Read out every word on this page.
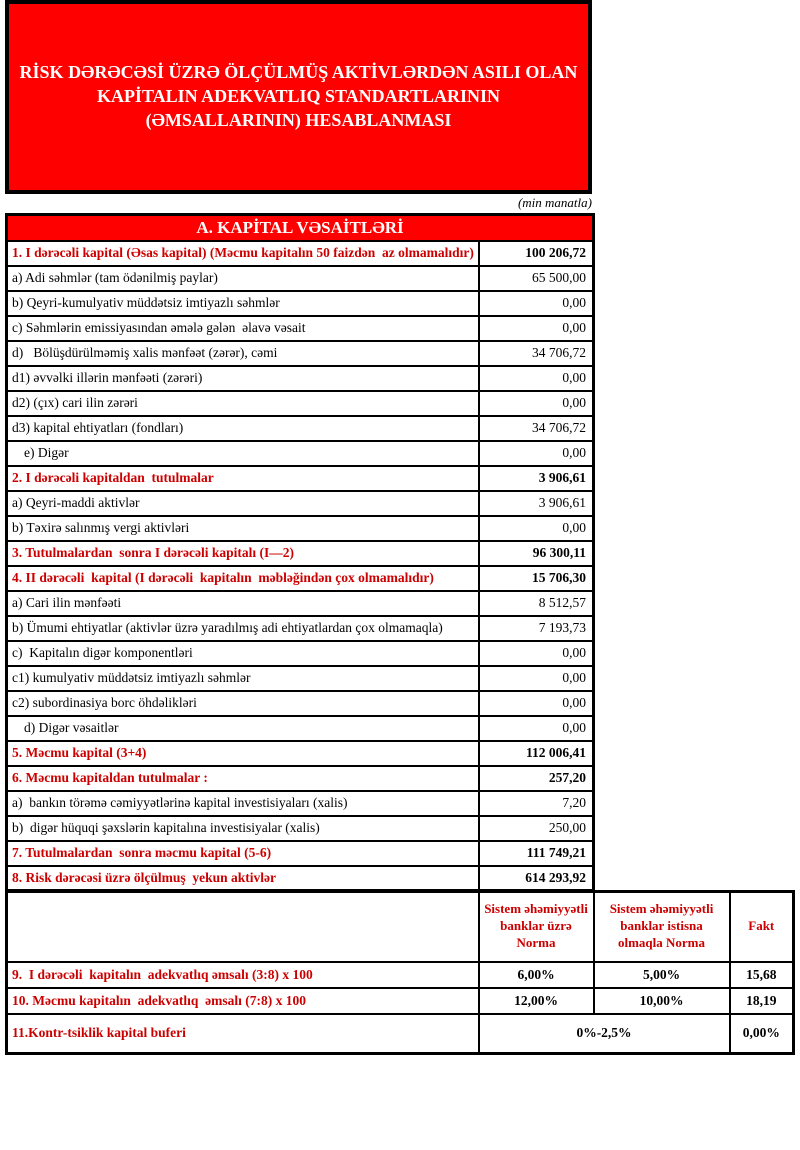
RİSK DƏRƏCƏSİ ÜZRƏ ÖLÇÜLMÜŞ AKTİVLƏRDƏN ASILI OLAN
KAPİTALIN ADEKVATLIQ STANDARTLARININ
(ƏMSALLARININ) HESABLANMASI
(min manatla)
A. KAPİTAL VƏSAİTLƏRİ	
1. I dərəcəli kapital (Əsas kapital) (Məcmu kapitalın 50 faizdən  az olmamalıdır)	100 206,72
a) Adi səhmlər (tam ödənilmiş paylar)	65 500,00
b) Qeyri-kumulyativ müddətsiz imtiyazlı səhmlər	0,00
c) Səhmlərin emissiyasından əmələ gələn  əlavə vəsait	0,00
d)   Bölüşdürülməmiş xalis mənfəət (zərər), cəmi	34 706,72
d1) əvvəlki illərin mənfəəti (zərəri)	0,00
d2) (çıx) cari ilin zərəri	0,00
d3) kapital ehtiyatları (fondları)	34 706,72
e) Digər	0,00
2. I dərəcəli kapitaldan  tutulmalar	3 906,61
a) Qeyri-maddi aktivlər	3 906,61
b) Təxirə salınmış vergi aktivləri	0,00
3. Tutulmalardan  sonra I dərəcəli kapitalı (I—2)	96 300,11
4. II dərəcəli  kapital (I dərəcəli  kapitalın  məbləğindən çox olmamalıdır)	15 706,30
a) Cari ilin mənfəəti	8 512,57
b) Ümumi ehtiyatlar (aktivlər üzrə yaradılmış adi ehtiyatlardan çox olmamaqla)	7 193,73
c)  Kapitalın digər komponentləri	0,00
c1) kumulyativ müddətsiz imtiyazlı səhmlər	0,00
c2) subordinasiya borc öhdəlikləri	0,00
d) Digər vəsaitlər	0,00
5. Məcmu kapital (3+4)	112 006,41
6. Məcmu kapitaldan tutulmalar :	257,20
a)  bankın törəmə cəmiyyətlərinə kapital investisiyaları (xalis)	7,20
b)  digər hüquqi şəxslərin kapitalına investisiyalar (xalis)	250,00
7. Tutulmalardan  sonra məcmu kapital (5-6)	111 749,21
8. Risk dərəcəsi üzrə ölçülmuş  yekun aktivlər	614 293,92
	Sistem əhəmiyyətli banklar üzrə Norma	Sistem əhəmiyyətli banklar istisna olmaqla Norma	Fakt
9.  I dərəcəli  kapitalın  adekvatlıq əmsalı (3:8) x 100	6,00%	5,00%	15,68
10. Məcmu kapitalın  adekvatlıq  əmsalı (7:8) x 100	12,00%	10,00%	18,19
11.Kontr-tsiklik kapital buferi	0%-2,5%		0,00%
